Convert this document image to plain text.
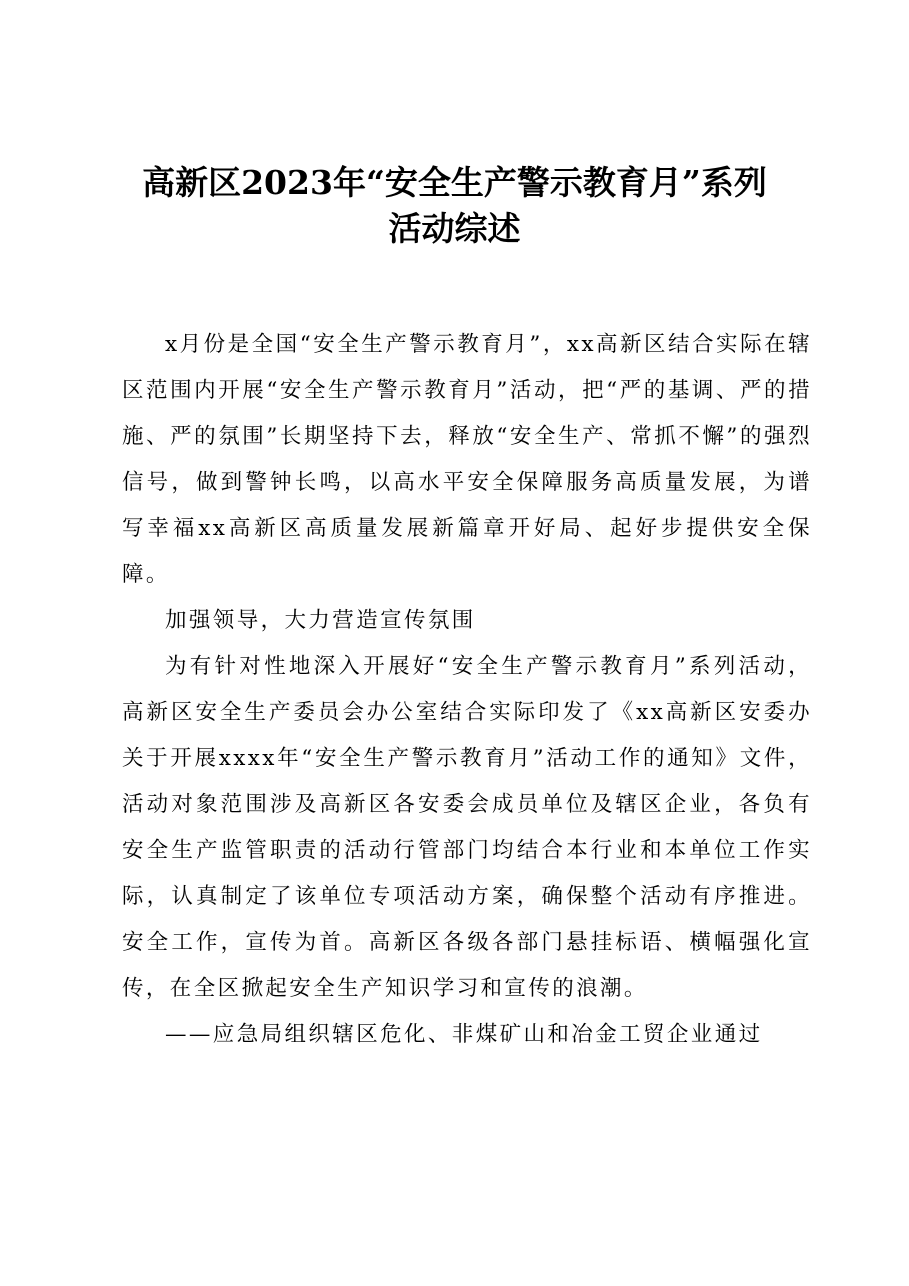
高新区2023年“安全生产警示教育月”系列
活动综述

x月份是全国“安全生产警示教育月”，xx高新区结合实际在辖区范围内开展“安全生产警示教育月”活动，把“严的基调、严的措施、严的氛围”长期坚持下去，释放“安全生产、常抓不懈”的强烈信号，做到警钟长鸣，以高水平安全保障服务高质量发展，为谱写幸福xx高新区高质量发展新篇章开好局、起好步提供安全保障。

加强领导，大力营造宣传氛围

为有针对性地深入开展好“安全生产警示教育月”系列活动，高新区安全生产委员会办公室结合实际印发了《xx高新区安委办关于开展xxxx年“安全生产警示教育月”活动工作的通知》文件，活动对象范围涉及高新区各安委会成员单位及辖区企业，各负有安全生产监管职责的活动行管部门均结合本行业和本单位工作实际，认真制定了该单位专项活动方案，确保整个活动有序推进。安全工作，宣传为首。高新区各级各部门悬挂标语、横幅强化宣传，在全区掀起安全生产知识学习和宣传的浪潮。

——应急局组织辖区危化、非煤矿山和冶金工贸企业通过
